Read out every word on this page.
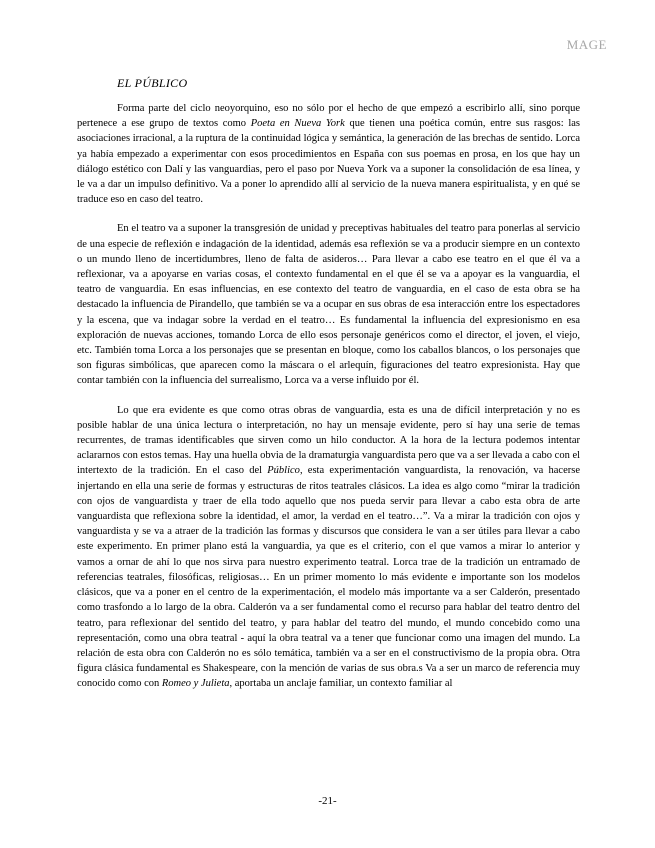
MAGE
EL PÚBLICO

Forma parte del ciclo neoyorquino, eso no sólo por el hecho de que empezó a escribirlo allí, sino porque pertenece a ese grupo de textos como Poeta en Nueva York que tienen una poética común, entre sus rasgos: las asociaciones irracional, a la ruptura de la continuidad lógica y semántica, la generación de las brechas de sentido. Lorca ya había empezado a experimentar con esos procedimientos en España con sus poemas en prosa, en los que hay un diálogo estético con Dalí y las vanguardias, pero el paso por Nueva York va a suponer la consolidación de esa línea, y le va a dar un impulso definitivo. Va a poner lo aprendido allí al servicio de la nueva manera espiritualista, y en qué se traduce eso en caso del teatro.

En el teatro va a suponer la transgresión de unidad y preceptivas habituales del teatro para ponerlas al servicio de una especie de reflexión e indagación de la identidad, además esa reflexión se va a producir siempre en un contexto o un mundo lleno de incertidumbres, lleno de falta de asideros… Para llevar a cabo ese teatro en el que él va a reflexionar, va a apoyarse en varias cosas, el contexto fundamental en el que él se va a apoyar es la vanguardia, el teatro de vanguardia. En esas influencias, en ese contexto del teatro de vanguardia, en el caso de esta obra se ha destacado la influencia de Pirandello, que también se va a ocupar en sus obras de esa interacción entre los espectadores y la escena, que va indagar sobre la verdad en el teatro… Es fundamental la influencia del expresionismo en esa exploración de nuevas acciones, tomando Lorca de ello esos personaje genéricos como el director, el joven, el viejo, etc. También toma Lorca a los personajes que se presentan en bloque, como los caballos blancos, o los personajes que son figuras simbólicas, que aparecen como la máscara o el arlequín, figuraciones del teatro expresionista. Hay que contar también con la influencia del surrealismo, Lorca va a verse influido por él.

Lo que era evidente es que como otras obras de vanguardia, esta es una de difícil interpretación y no es posible hablar de una única lectura o interpretación, no hay un mensaje evidente, pero sí hay una serie de temas recurrentes, de tramas identificables que sirven como un hilo conductor. A la hora de la lectura podemos intentar aclararnos con estos temas. Hay una huella obvia de la dramaturgia vanguardista pero que va a ser llevada a cabo con el intertexto de la tradición. En el caso del Público, esta experimentación vanguardista, la renovación, va hacerse injertando en ella una serie de formas y estructuras de ritos teatrales clásicos. La idea es algo como “mirar la tradición con ojos de vanguardista y traer de ella todo aquello que nos pueda servir para llevar a cabo esta obra de arte vanguardista que reflexiona sobre la identidad, el amor, la verdad en el teatro…”. Va a mirar la tradición con ojos y vanguardista y se va a atraer de la tradición las formas y discursos que considera le van a ser útiles para llevar a cabo este experimento. En primer plano está la vanguardia, ya que es el criterio, con el que vamos a mirar lo anterior y vamos a ornar de ahí lo que nos sirva para nuestro experimento teatral. Lorca trae de la tradición un entramado de referencias teatrales, filosóficas, religiosas… En un primer momento lo más evidente e importante son los modelos clásicos, que va a poner en el centro de la experimentación, el modelo más importante va a ser Calderón, presentado como trasfondo a lo largo de la obra. Calderón va a ser fundamental como el recurso para hablar del teatro dentro del teatro, para reflexionar del sentido del teatro, y para hablar del teatro del mundo, el mundo concebido como una representación, como una obra teatral - aquí la obra teatral va a tener que funcionar como una imagen del mundo. La relación de esta obra con Calderón no es sólo temática, también va a ser en el constructivismo de la propia obra. Otra figura clásica fundamental es Shakespeare, con la mención de varias de sus obra.s Va a ser un marco de referencia muy conocido como con Romeo y Julieta, aportaba un anclaje familiar, un contexto familiar al

-21-
